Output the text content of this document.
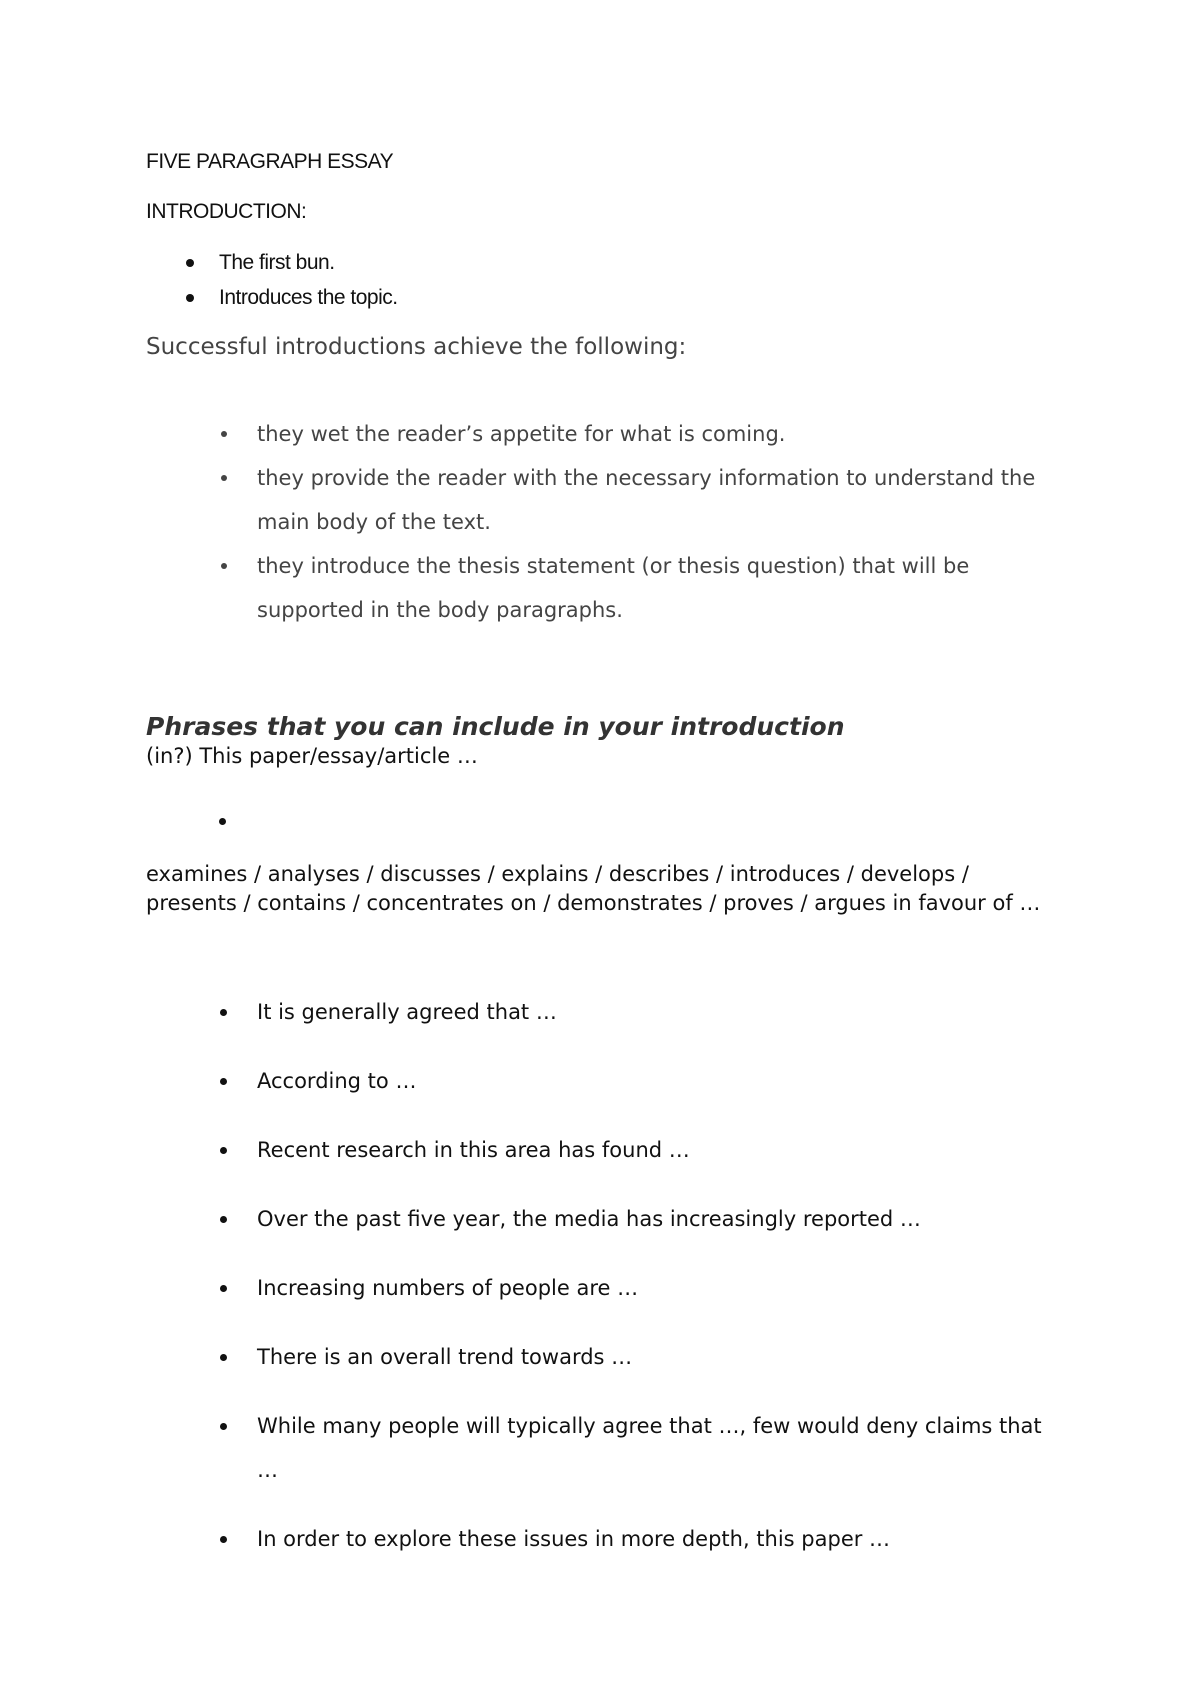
FIVE PARAGRAPH ESSAY
INTRODUCTION:
The first bun.
Introduces the topic.
Successful introductions achieve the following:
they wet the reader’s appetite for what is coming.
they provide the reader with the necessary information to understand the main body of the text.
they introduce the thesis statement (or thesis question) that will be supported in the body paragraphs.
Phrases that you can include in your introduction
(in?) This paper/essay/article …
examines / analyses / discusses / explains / describes / introduces / develops / presents / contains / concentrates on / demonstrates / proves / argues in favour of …
It is generally agreed that …
According to …
Recent research in this area has found …
Over the past five year, the media has increasingly reported …
Increasing numbers of people are …
There is an overall trend towards …
While many people will typically agree that …, few would deny claims that …
In order to explore these issues in more depth, this paper …
